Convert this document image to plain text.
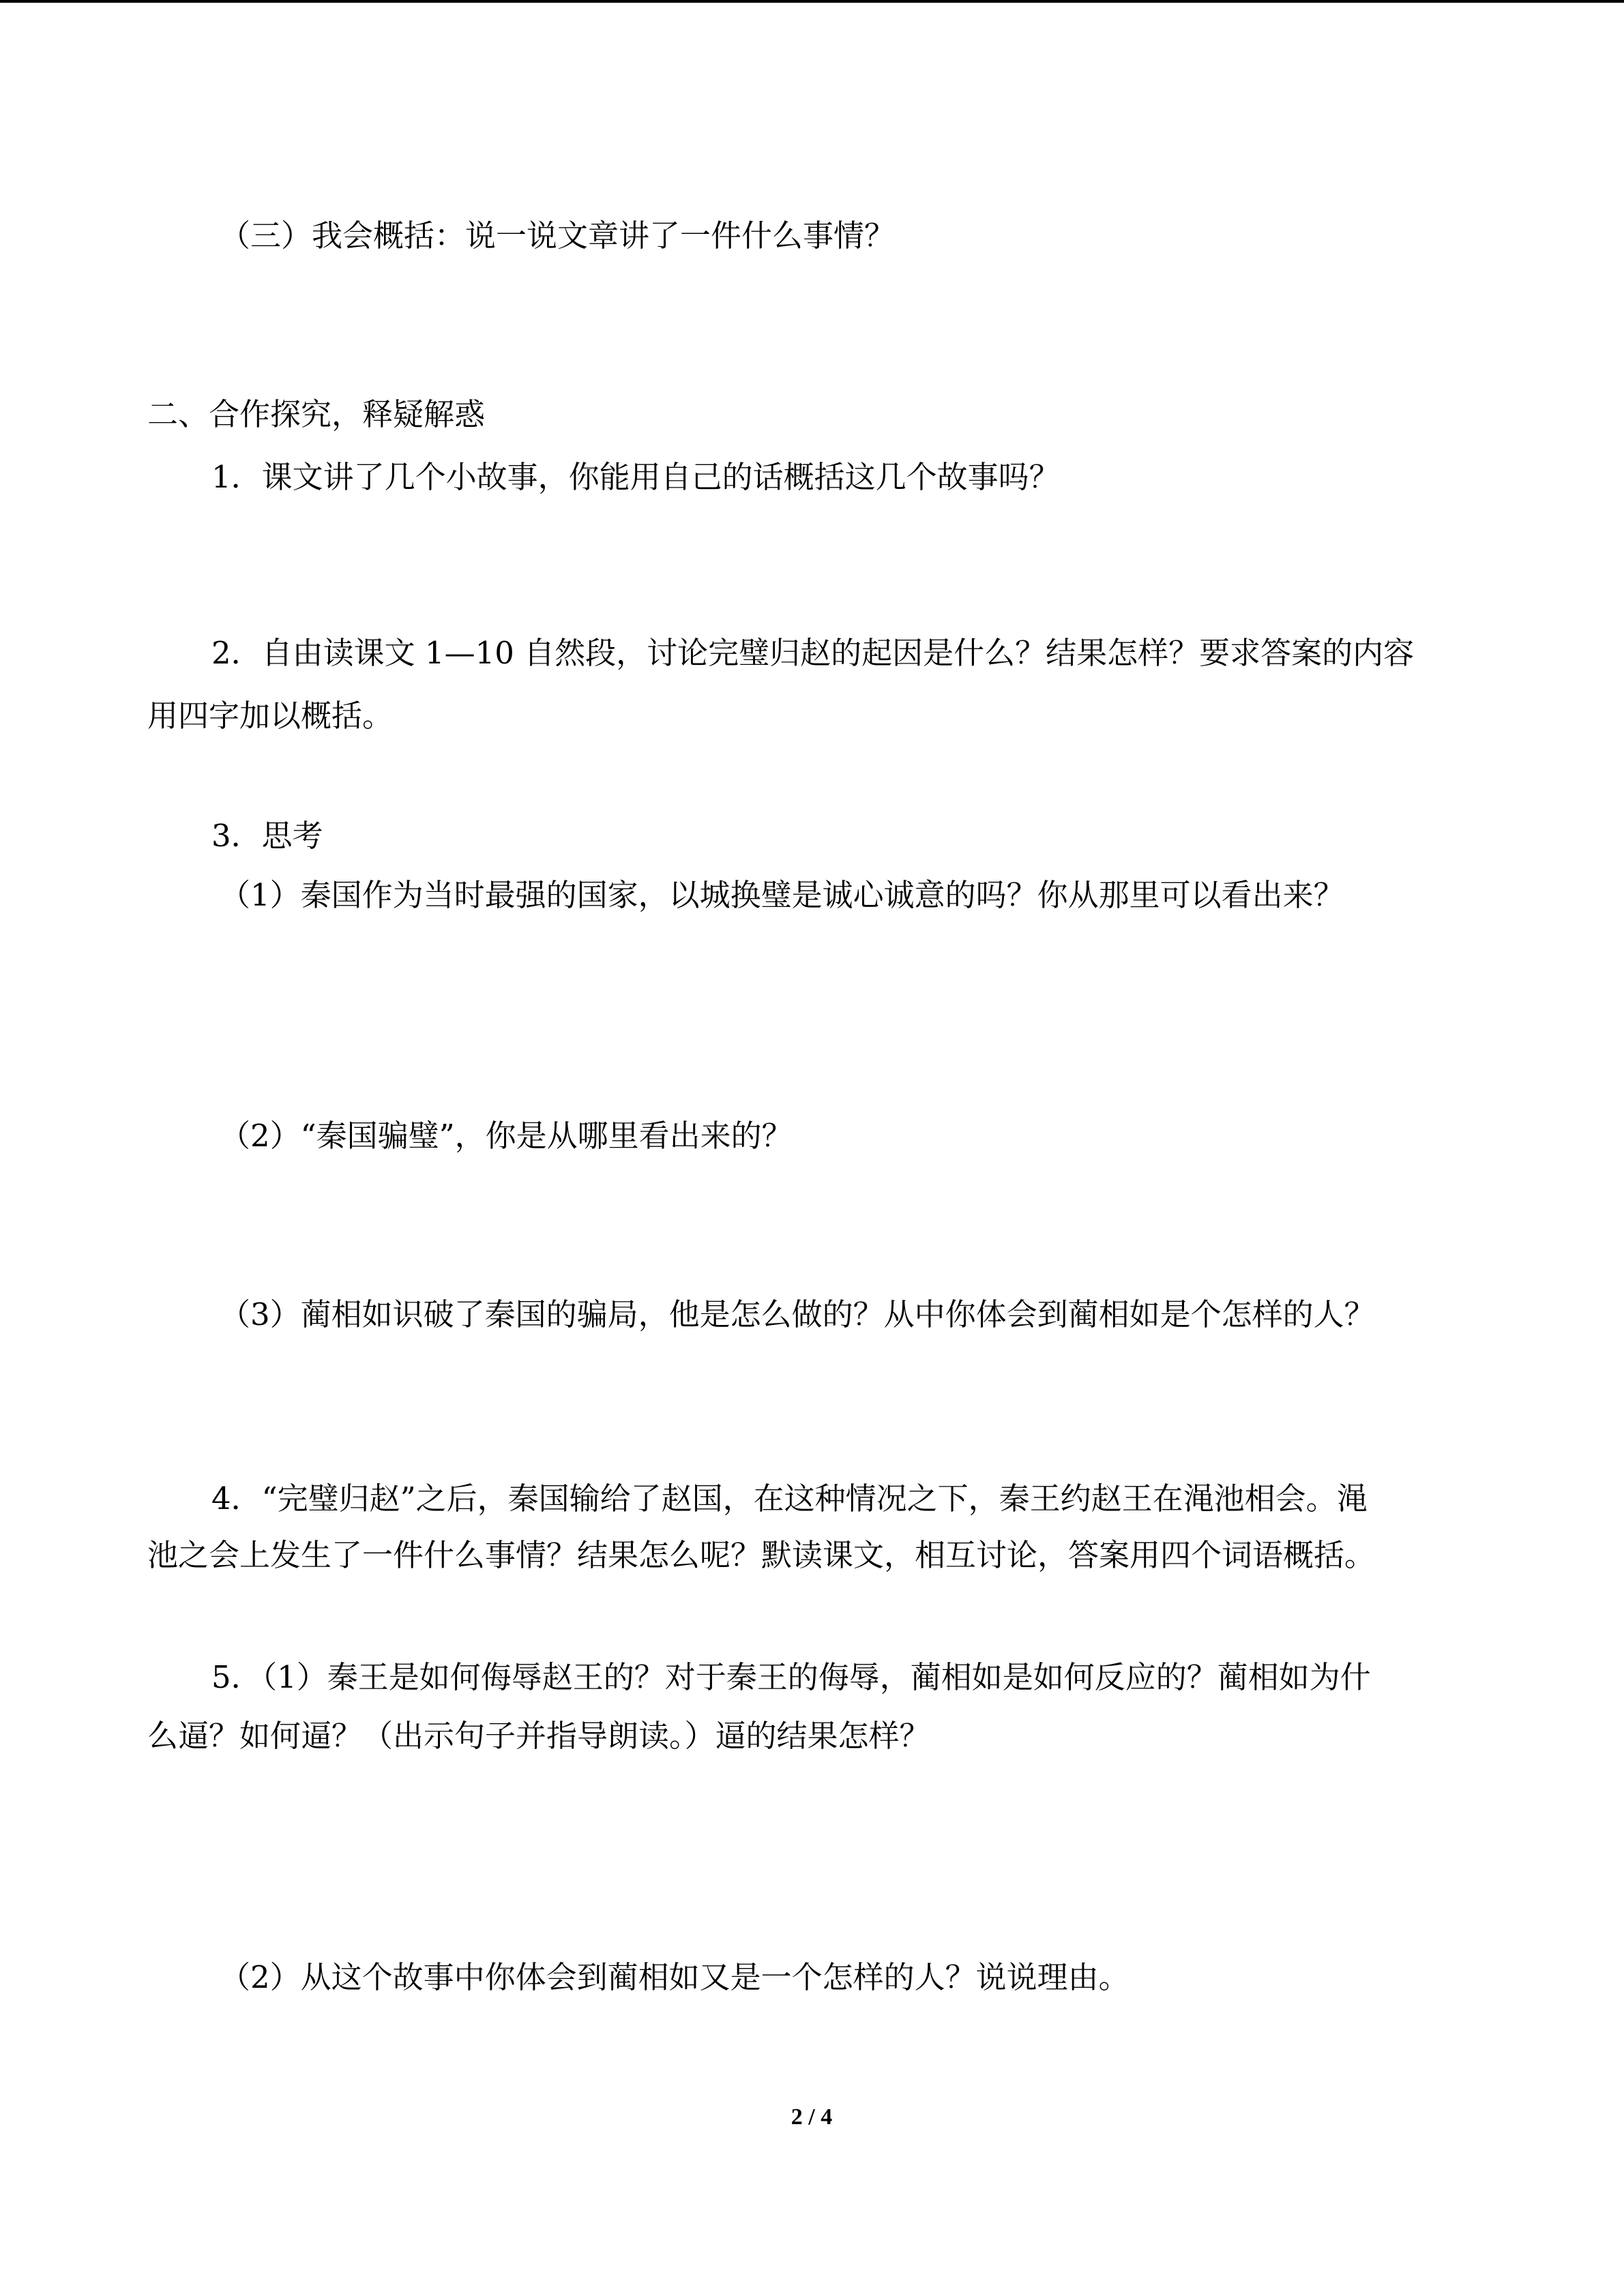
（三）我会概括：说一说文章讲了一件什么事情？
二、合作探究，释疑解惑
1．课文讲了几个小故事，你能用自己的话概括这几个故事吗？
2．自由读课文 1—10 自然段，讨论完璧归赵的起因是什么？结果怎样？要求答案的内容
用四字加以概括。
3．思考
（1）秦国作为当时最强的国家，以城换璧是诚心诚意的吗？你从那里可以看出来？
（2）“秦国骗璧”，你是从哪里看出来的？
（3）蔺相如识破了秦国的骗局，他是怎么做的？从中你体会到蔺相如是个怎样的人？
4．“完璧归赵”之后，秦国输给了赵国，在这种情况之下，秦王约赵王在渑池相会。渑
池之会上发生了一件什么事情？结果怎么呢？默读课文，相互讨论，答案用四个词语概括。
5．（1）秦王是如何侮辱赵王的？对于秦王的侮辱，蔺相如是如何反应的？蔺相如为什
么逼？如何逼？（出示句子并指导朗读。）逼的结果怎样？
（2）从这个故事中你体会到蔺相如又是一个怎样的人？说说理由。
2 / 4
